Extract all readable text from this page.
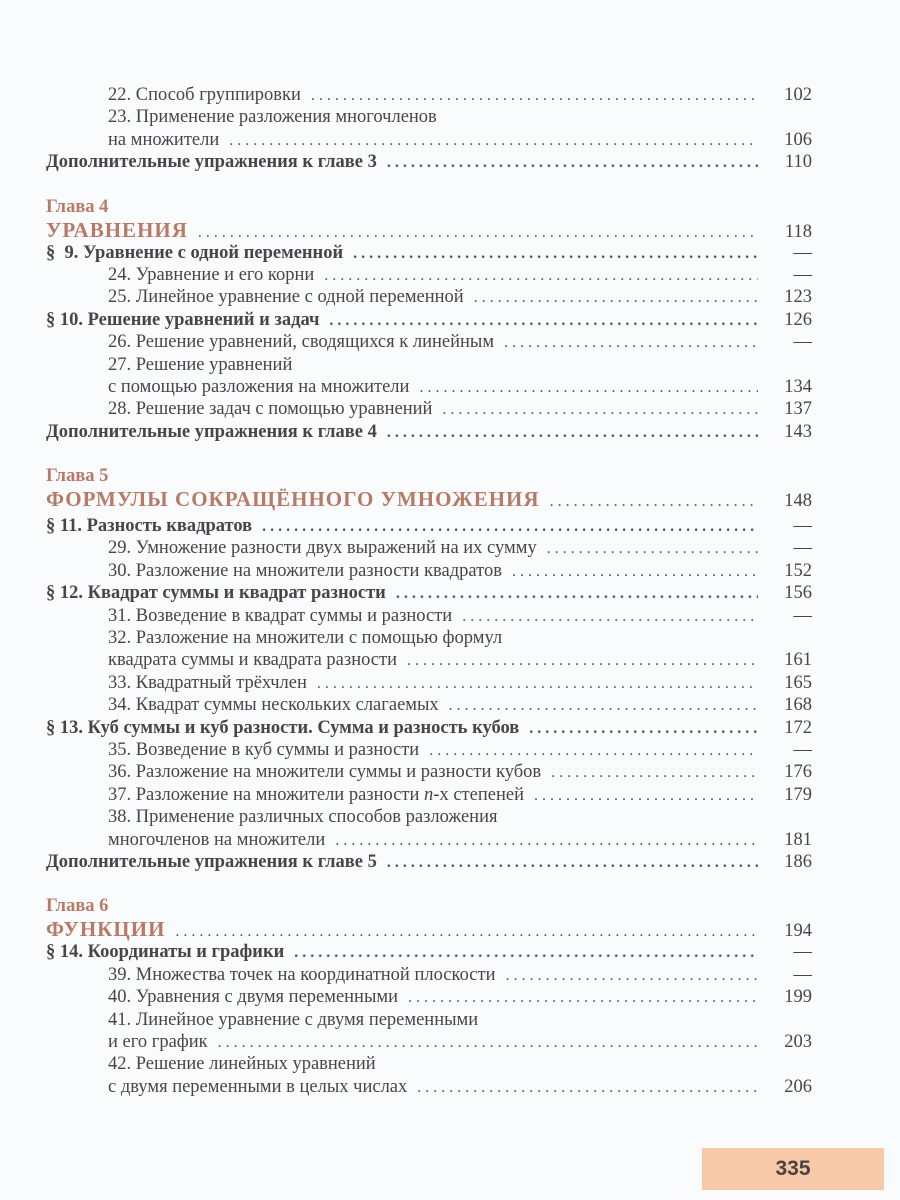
22. Способ группировки . . .	102
23. Применение разложения многочленов
на множители . . .	106
Дополнительные упражнения к главе 3 . . .	110
Глава 4
УРАВНЕНИЯ . . .	118
§  9. Уравнение с одной переменной . . .	—
24. Уравнение и его корни . . .	—
25. Линейное уравнение с одной переменной . . .	123
§ 10. Решение уравнений и задач . . .	126
26. Решение уравнений, сводящихся к линейным . . .	—
27. Решение уравнений
с помощью разложения на множители . . .	134
28. Решение задач с помощью уравнений . . .	137
Дополнительные упражнения к главе 4 . . .	143
Глава 5
ФОРМУЛЫ СОКРАЩЁННОГО УМНОЖЕНИЯ . . .	148
§ 11. Разность квадратов . . .	—
29. Умножение разности двух выражений на их сумму . . .	—
30. Разложение на множители разности квадратов . . .	152
§ 12. Квадрат суммы и квадрат разности . . .	156
31. Возведение в квадрат суммы и разности . . .	—
32. Разложение на множители с помощью формул
квадрата суммы и квадрата разности . . .	161
33. Квадратный трёхчлен . . .	165
34. Квадрат суммы нескольких слагаемых . . .	168
§ 13. Куб суммы и куб разности. Сумма и разность кубов . . .	172
35. Возведение в куб суммы и разности . . .	—
36. Разложение на множители суммы и разности кубов . . .	176
37. Разложение на множители разности n-х степеней . . .	179
38. Применение различных способов разложения
многочленов на множители . . .	181
Дополнительные упражнения к главе 5 . . .	186
Глава 6
ФУНКЦИИ . . .	194
§ 14. Координаты и графики . . .	—
39. Множества точек на координатной плоскости . . .	—
40. Уравнения с двумя переменными . . .	199
41. Линейное уравнение с двумя переменными
и его график . . .	203
42. Решение линейных уравнений
с двумя переменными в целых числах . . .	206
335
